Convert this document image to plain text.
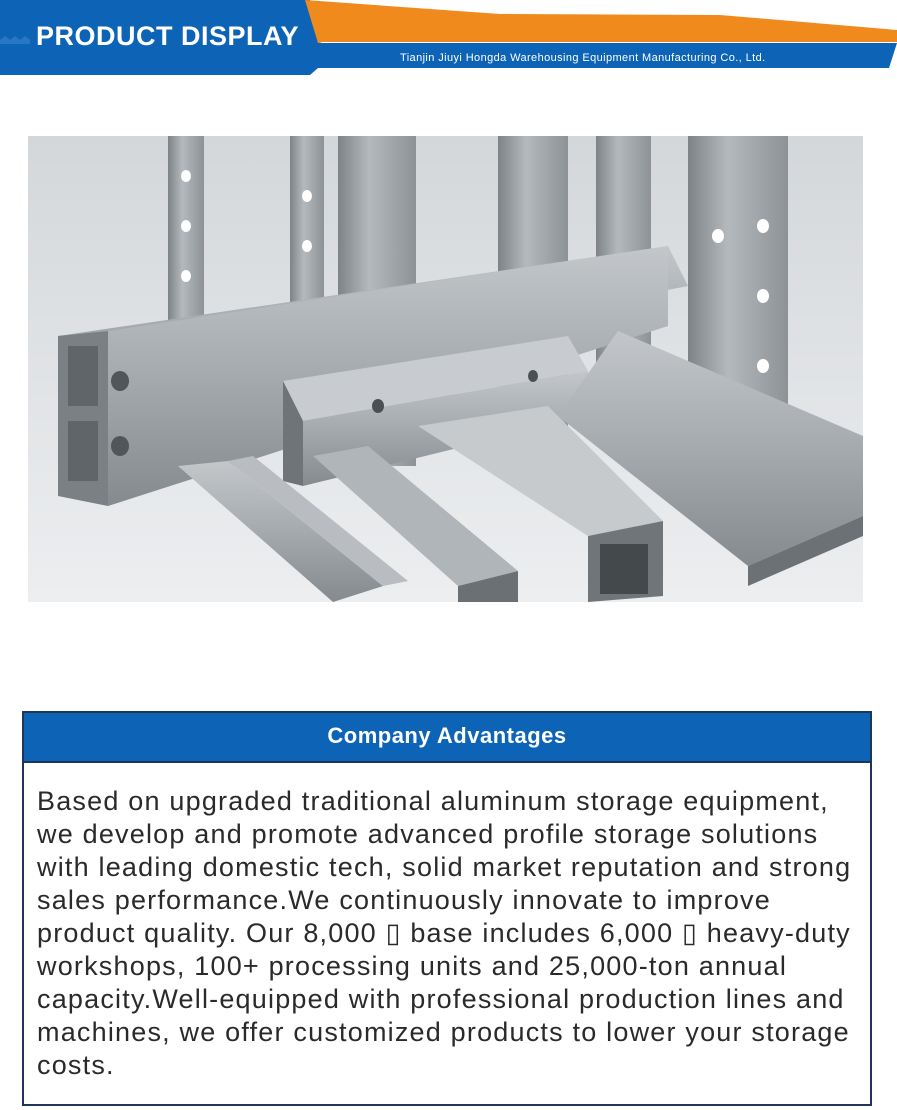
PRODUCT DISPLAY
Tianjin Jiuyi Hongda Warehousing Equipment Manufacturing Co., Ltd.
Company Advantages
Based on upgraded traditional aluminum storage equipment, we develop and promote advanced profile storage solutions with leading domestic tech, solid market reputation and strong sales performance.We continuously innovate to improve product quality. Our 8,000 ▯ base includes 6,000 ▯ heavy-duty workshops, 100+ processing units and 25,000-ton annual capacity.Well-equipped with professional production lines and machines, we offer customized products to lower your storage costs.
